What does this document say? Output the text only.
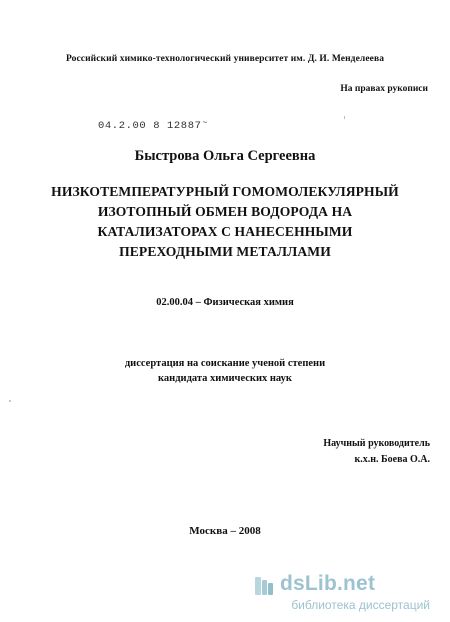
Российский химико-технологический университет им. Д. И. Менделеева
На правах рукописи
04.2.00 8 12887~
Быстрова Ольга Сергеевна
НИЗКОТЕМПЕРАТУРНЫЙ ГОМОМОЛЕКУЛЯРНЫЙ
ИЗОТОПНЫЙ ОБМЕН ВОДОРОДА НА
КАТАЛИЗАТОРАХ С НАНЕСЕННЫМИ
ПЕРЕХОДНЫМИ МЕТАЛЛАМИ
02.00.04 – Физическая химия
диссертация на соискание ученой степени
кандидата химических наук
Научный руководитель
к.х.н. Боева О.А.
Москва – 2008
dsLib.net
библиотека диссертаций
